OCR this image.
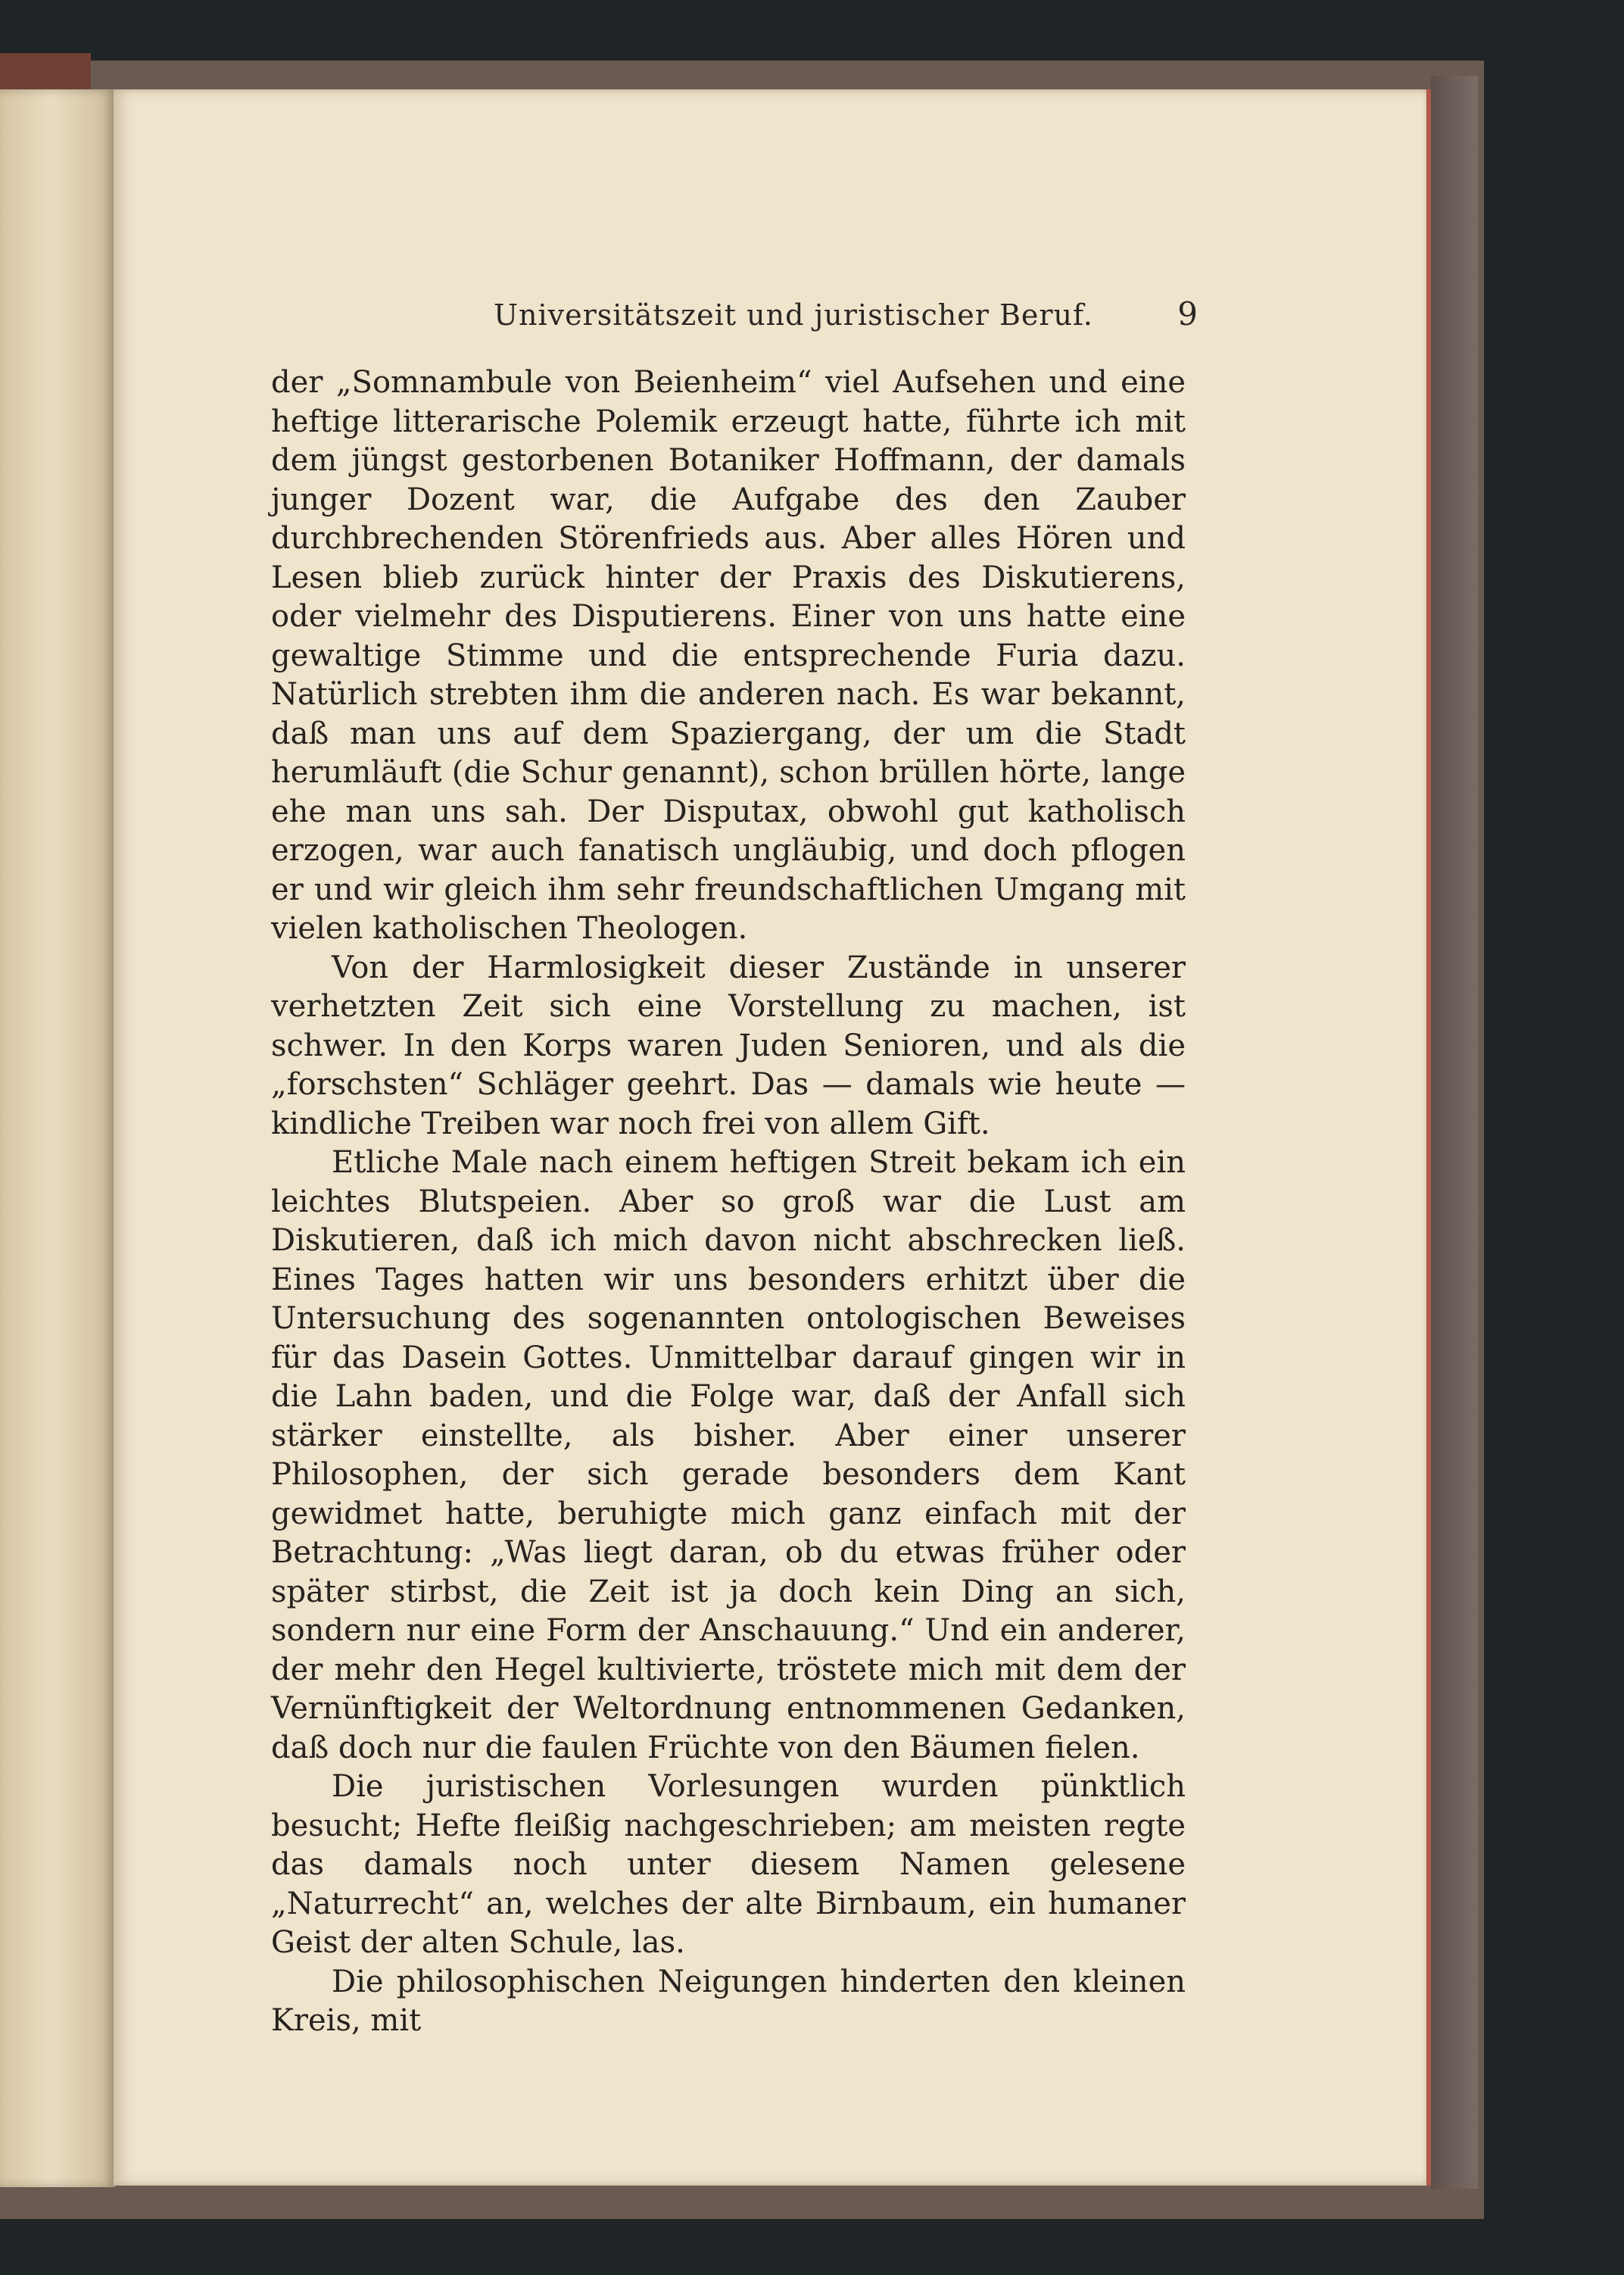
Universitätszeit und juristischer Beruf.	9

der „Somnambule von Beienheim“ viel Aufsehen und eine heftige litterarische Polemik erzeugt hatte, führte ich mit dem jüngst gestorbenen Botaniker Hoffmann, der damals junger Dozent war, die Aufgabe des den Zauber durchbrechenden Störenfrieds aus. Aber alles Hören und Lesen blieb zurück hinter der Praxis des Diskutierens, oder vielmehr des Disputierens. Einer von uns hatte eine gewaltige Stimme und die entsprechende Furia dazu. Natürlich strebten ihm die anderen nach. Es war bekannt, daß man uns auf dem Spaziergang, der um die Stadt herumläuft (die Schur genannt), schon brüllen hörte, lange ehe man uns sah. Der Disputax, obwohl gut katholisch erzogen, war auch fanatisch ungläubig, und doch pflogen er und wir gleich ihm sehr freundschaftlichen Umgang mit vielen katholischen Theologen.

Von der Harmlosigkeit dieser Zustände in unserer verhetzten Zeit sich eine Vorstellung zu machen, ist schwer. In den Korps waren Juden Senioren, und als die „forschsten“ Schläger geehrt. Das — damals wie heute — kindliche Treiben war noch frei von allem Gift.

Etliche Male nach einem heftigen Streit bekam ich ein leichtes Blutspeien. Aber so groß war die Lust am Diskutieren, daß ich mich davon nicht abschrecken ließ. Eines Tages hatten wir uns besonders erhitzt über die Untersuchung des sogenannten ontologischen Beweises für das Dasein Gottes. Unmittelbar darauf gingen wir in die Lahn baden, und die Folge war, daß der Anfall sich stärker einstellte, als bisher. Aber einer unserer Philosophen, der sich gerade besonders dem Kant gewidmet hatte, beruhigte mich ganz einfach mit der Betrachtung: „Was liegt daran, ob du etwas früher oder später stirbst, die Zeit ist ja doch kein Ding an sich, sondern nur eine Form der Anschauung.“ Und ein anderer, der mehr den Hegel kultivierte, tröstete mich mit dem der Vernünftigkeit der Weltordnung entnommenen Gedanken, daß doch nur die faulen Früchte von den Bäumen fielen.

Die juristischen Vorlesungen wurden pünktlich besucht; Hefte fleißig nachgeschrieben; am meisten regte das damals noch unter diesem Namen gelesene „Naturrecht“ an, welches der alte Birnbaum, ein humaner Geist der alten Schule, las.

Die philosophischen Neigungen hinderten den kleinen Kreis, mit
